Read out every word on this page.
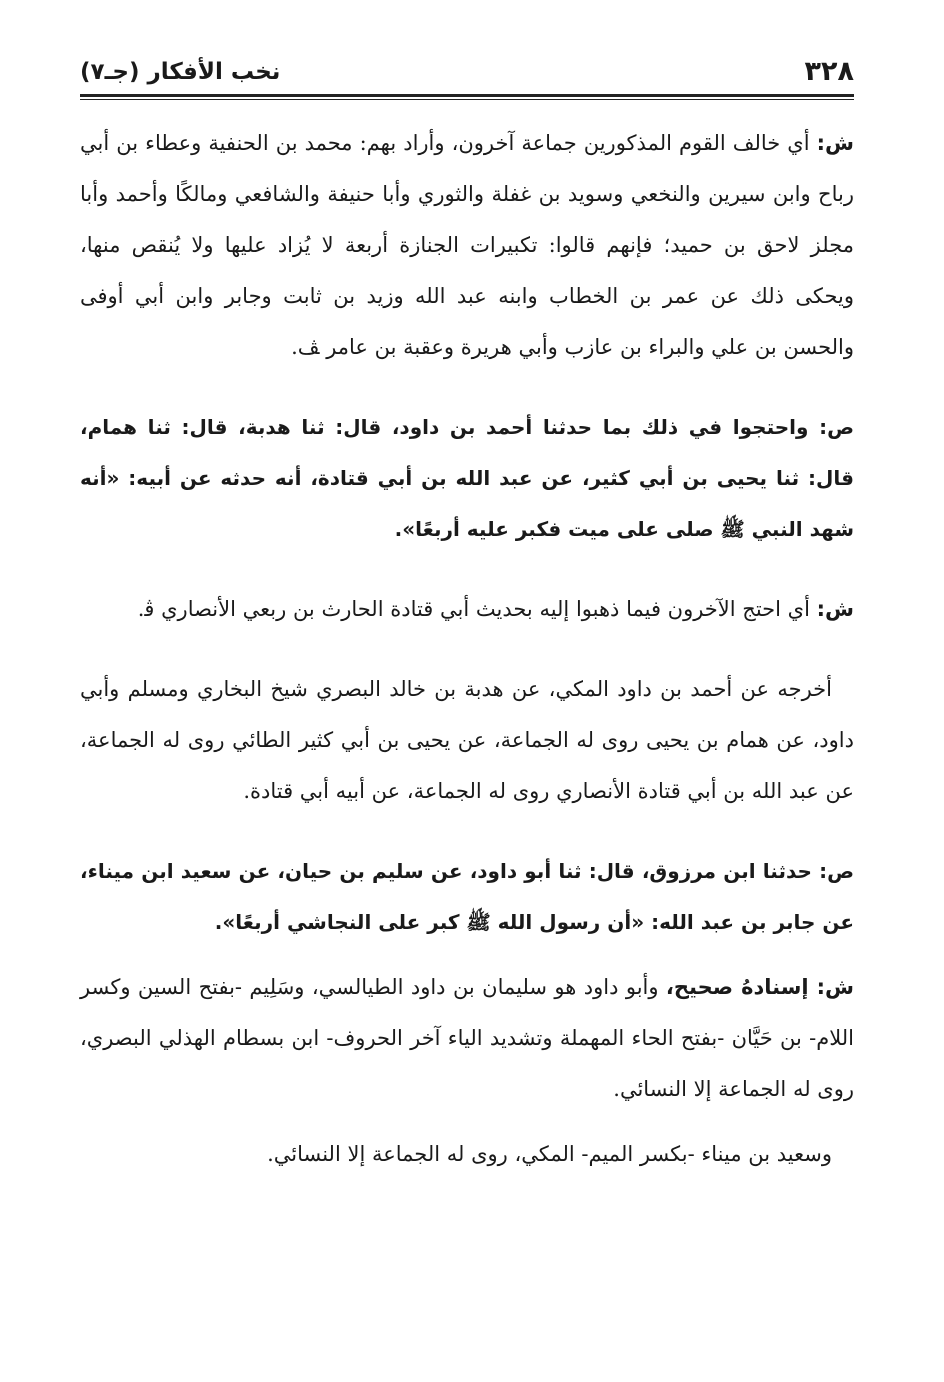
٣٢٨
نخب الأفكار (جـ٧)

ش: أي خالف القوم المذكورين جماعة آخرون، وأراد بهم: محمد بن الحنفية وعطاء بن أبي رباح وابن سيرين والنخعي وسويد بن غفلة والثوري وأبا حنيفة والشافعي ومالكًا وأحمد وأبا مجلز لاحق بن حميد؛ فإنهم قالوا: تكبيرات الجنازة أربعة لا يُزاد عليها ولا يُنقص منها، ويحكى ذلك عن عمر بن الخطاب وابنه عبد الله وزيد بن ثابت وجابر وابن أبي أوفى والحسن بن علي والبراء بن عازب وأبي هريرة وعقبة بن عامر ﭫ.

ص: واحتجوا في ذلك بما حدثنا أحمد بن داود، قال: ثنا هدبة، قال: ثنا همام، قال: ثنا يحيى بن أبي كثير، عن عبد الله بن أبي قتادة، أنه حدثه عن أبيه: «أنه شهد النبي ﷺ صلى على ميت فكبر عليه أربعًا».

ش: أي احتج الآخرون فيما ذهبوا إليه بحديث أبي قتادة الحارث بن ربعي الأنصاري ﭬ.

أخرجه عن أحمد بن داود المكي، عن هدبة بن خالد البصري شيخ البخاري ومسلم وأبي داود، عن همام بن يحيى روى له الجماعة، عن يحيى بن أبي كثير الطائي روى له الجماعة، عن عبد الله بن أبي قتادة الأنصاري روى له الجماعة، عن أبيه أبي قتادة.

ص: حدثنا ابن مرزوق، قال: ثنا أبو داود، عن سليم بن حيان، عن سعيد ابن ميناء، عن جابر بن عبد الله: «أن رسول الله ﷺ كبر على النجاشي أربعًا».

ش: إسنادهُ صحيح، وأبو داود هو سليمان بن داود الطيالسي، وسَلِيم -بفتح السين وكسر اللام- بن حَيَّان -بفتح الحاء المهملة وتشديد الياء آخر الحروف- ابن بسطام الهذلي البصري، روى له الجماعة إلا النسائي.

وسعيد بن ميناء -بكسر الميم- المكي، روى له الجماعة إلا النسائي.
